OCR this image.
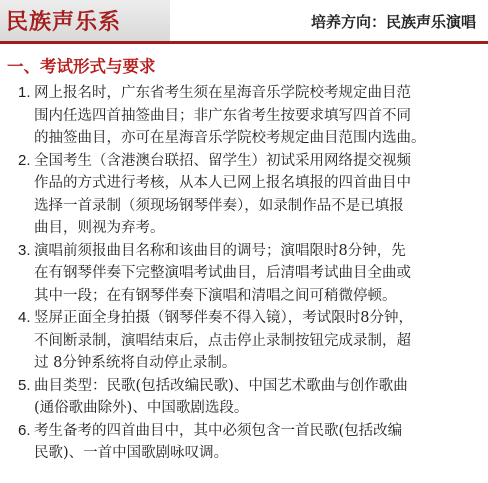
民族声乐系	培养方向：民族声乐演唱
一、考试形式与要求
1. 网上报名时，广东省考生须在星海音乐学院校考规定曲目范
围内任选四首抽签曲目；非广东省考生按要求填写四首不同
的抽签曲目，亦可在星海音乐学院校考规定曲目范围内选曲。
2. 全国考生（含港澳台联招、留学生）初试采用网络提交视频
作品的方式进行考核，从本人已网上报名填报的四首曲目中
选择一首录制（须现场钢琴伴奏），如录制作品不是已填报
曲目，则视为弃考。
3. 演唱前须报曲目名称和该曲目的调号；演唱限时8分钟，先
在有钢琴伴奏下完整演唱考试曲目，后清唱考试曲目全曲或
其中一段；在有钢琴伴奏下演唱和清唱之间可稍微停顿。
4. 竖屏正面全身拍摄（钢琴伴奏不得入镜），考试限时8分钟，
不间断录制，演唱结束后，点击停止录制按钮完成录制，超
过 8分钟系统将自动停止录制。
5. 曲目类型：民歌(包括改编民歌)、中国艺术歌曲与创作歌曲
(通俗歌曲除外)、中国歌剧选段。
6. 考生备考的四首曲目中，其中必须包含一首民歌(包括改编
民歌)、一首中国歌剧咏叹调。
